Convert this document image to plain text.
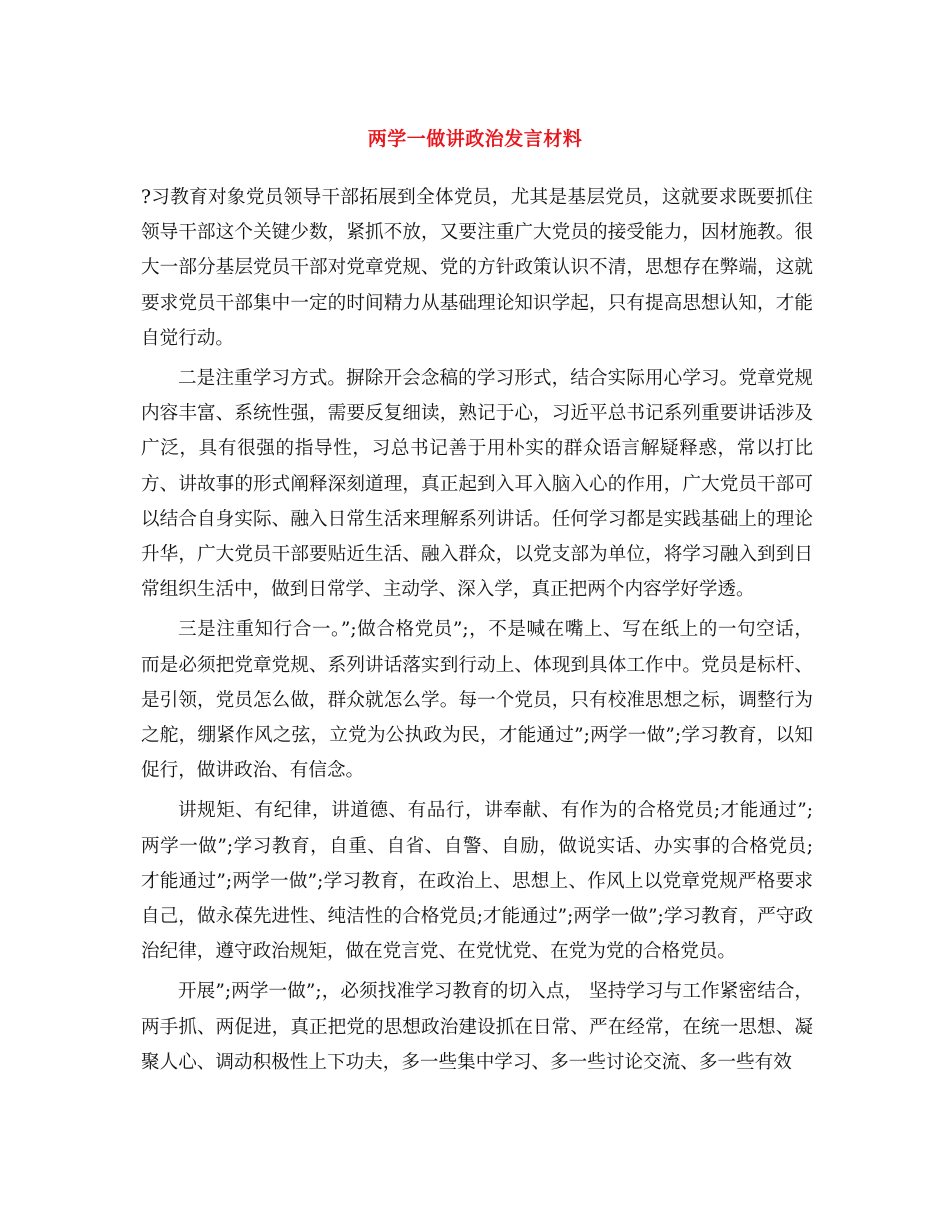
两学一做讲政治发言材料

?习教育对象党员领导干部拓展到全体党员，尤其是基层党员，这就要求既要抓住领导干部这个关键少数，紧抓不放，又要注重广大党员的接受能力，因材施教。很大一部分基层党员干部对党章党规、党的方针政策认识不清，思想存在弊端，这就要求党员干部集中一定的时间精力从基础理论知识学起，只有提高思想认知，才能自觉行动。

二是注重学习方式。摒除开会念稿的学习形式，结合实际用心学习。党章党规内容丰富、系统性强，需要反复细读，熟记于心，习近平总书记系列重要讲话涉及广泛，具有很强的指导性，习总书记善于用朴实的群众语言解疑释惑，常以打比方、讲故事的形式阐释深刻道理，真正起到入耳入脑入心的作用，广大党员干部可以结合自身实际、融入日常生活来理解系列讲话。任何学习都是实践基础上的理论升华，广大党员干部要贴近生活、融入群众，以党支部为单位，将学习融入到到日常组织生活中，做到日常学、主动学、深入学，真正把两个内容学好学透。

三是注重知行合一。”;做合格党员”;，不是喊在嘴上、写在纸上的一句空话，而是必须把党章党规、系列讲话落实到行动上、体现到具体工作中。党员是标杆、是引领，党员怎么做，群众就怎么学。每一个党员，只有校准思想之标，调整行为之舵，绷紧作风之弦，立党为公执政为民，才能通过”;两学一做”;学习教育，以知促行，做讲政治、有信念。

讲规矩、有纪律，讲道德、有品行，讲奉献、有作为的合格党员;才能通过”;两学一做”;学习教育，自重、自省、自警、自励，做说实话、办实事的合格党员;才能通过”;两学一做”;学习教育，在政治上、思想上、作风上以党章党规严格要求自己，做永葆先进性、纯洁性的合格党员;才能通过”;两学一做”;学习教育，严守政治纪律，遵守政治规矩，做在党言党、在党忧党、在党为党的合格党员。

开展”;两学一做”;，必须找准学习教育的切入点， 坚持学习与工作紧密结合，两手抓、两促进，真正把党的思想政治建设抓在日常、严在经常，在统一思想、凝聚人心、调动积极性上下功夫，多一些集中学习、多一些讨论交流、多一些有效
